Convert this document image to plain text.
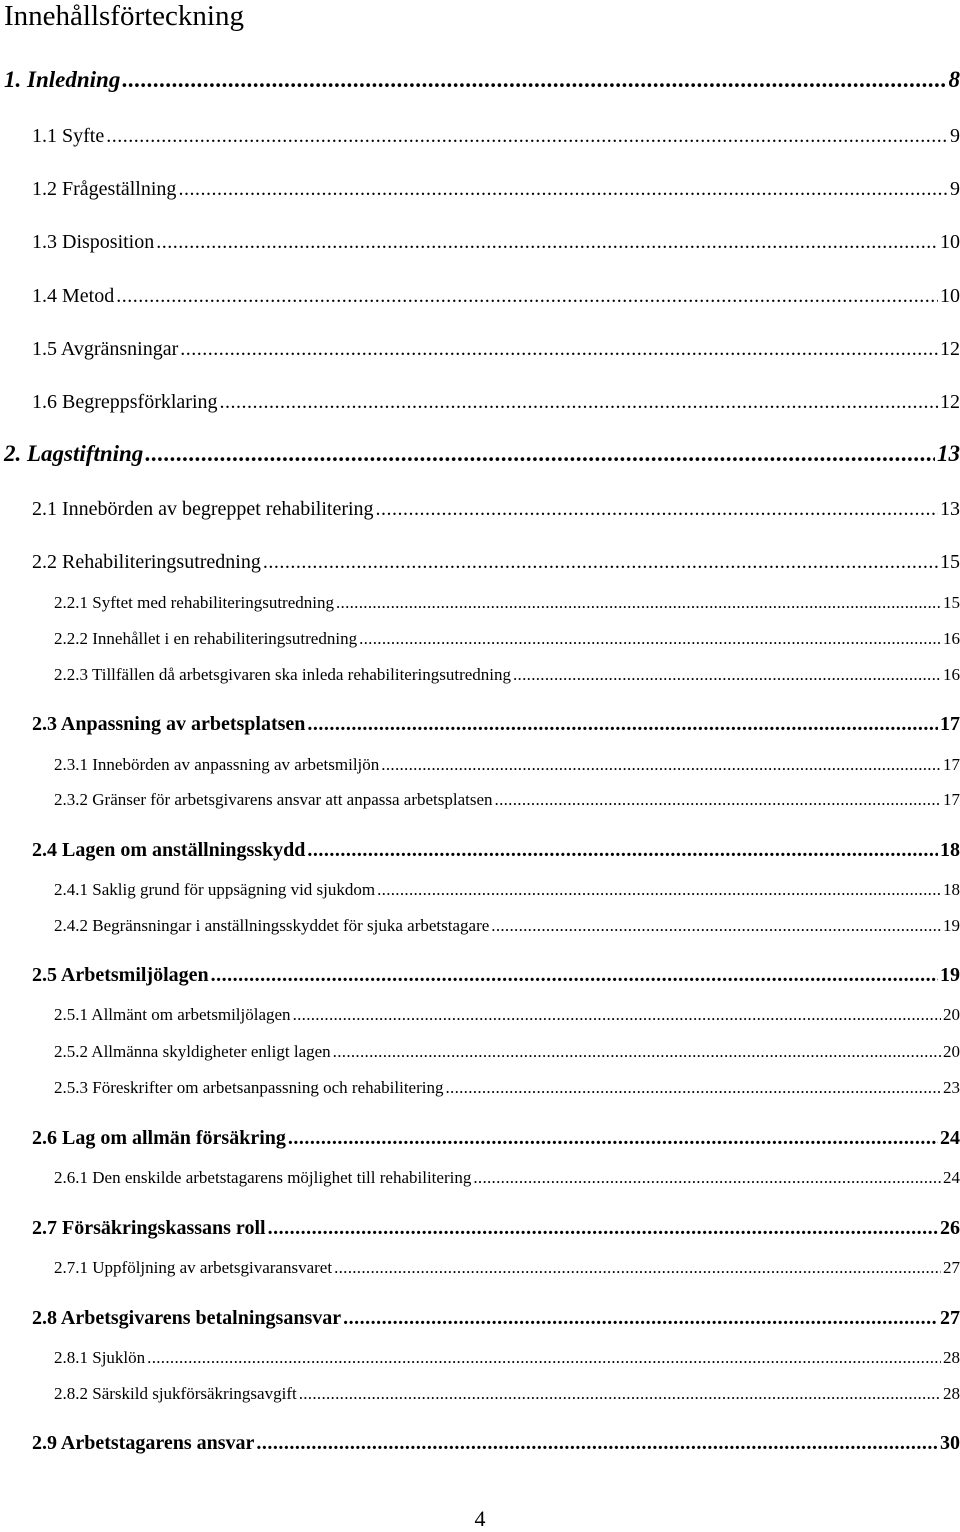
Innehållsförteckning
1. Inledning .....	8
1.1 Syfte .....	9
1.2 Frågeställning .....	9
1.3 Disposition .....	10
1.4 Metod .....	10
1.5 Avgränsningar .....	12
1.6 Begreppsförklaring .....	12
2. Lagstiftning .....	13
2.1 Innebörden av begreppet rehabilitering .....	13
2.2 Rehabiliteringsutredning .....	15
2.2.1 Syftet med rehabiliteringsutredning .....	15
2.2.2 Innehållet i en rehabiliteringsutredning .....	16
2.2.3 Tillfällen då arbetsgivaren ska inleda rehabiliteringsutredning .....	16
2.3 Anpassning av arbetsplatsen .....	17
2.3.1 Innebörden av anpassning av arbetsmiljön .....	17
2.3.2 Gränser för arbetsgivarens ansvar att anpassa arbetsplatsen .....	17
2.4 Lagen om anställningsskydd .....	18
2.4.1 Saklig grund för uppsägning vid sjukdom .....	18
2.4.2 Begränsningar i anställningsskyddet för sjuka arbetstagare .....	19
2.5 Arbetsmiljölagen .....	19
2.5.1 Allmänt om arbetsmiljölagen .....	20
2.5.2 Allmänna skyldigheter enligt lagen .....	20
2.5.3 Föreskrifter om arbetsanpassning och rehabilitering .....	23
2.6 Lag om allmän försäkring .....	24
2.6.1 Den enskilde arbetstagarens möjlighet till rehabilitering .....	24
2.7 Försäkringskassans roll .....	26
2.7.1 Uppföljning av arbetsgivaransvaret .....	27
2.8 Arbetsgivarens betalningsansvar .....	27
2.8.1 Sjuklön .....	28
2.8.2 Särskild sjukförsäkringsavgift .....	28
2.9 Arbetstagarens ansvar .....	30
4
